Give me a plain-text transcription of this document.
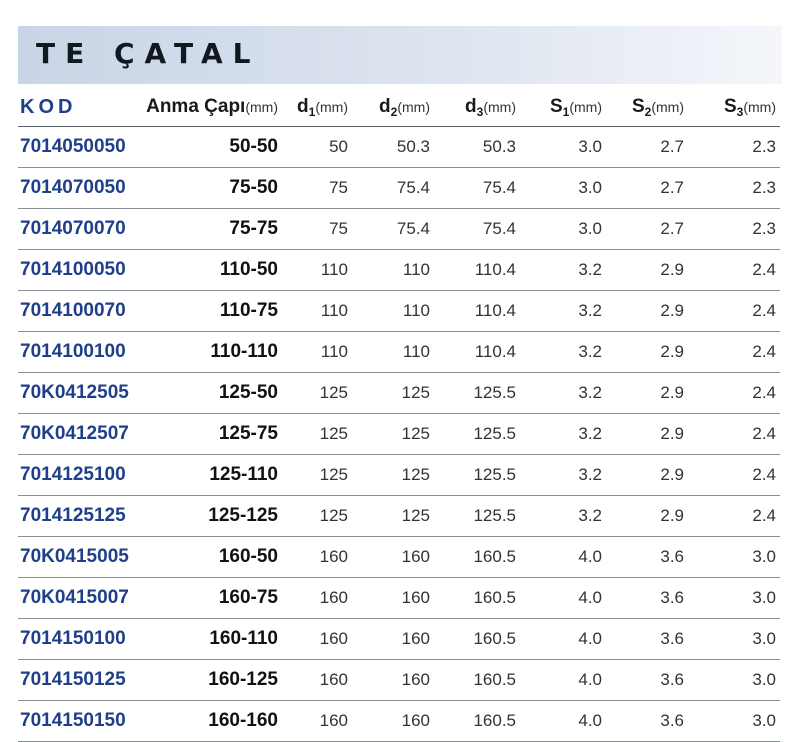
TE ÇATAL
KOD	Anma Çapı(mm)	$d_1(mm)$	$d_2(mm)$	$d_3(mm)$	$S_1(mm)$	$S_2(mm)$	$S_3(mm)$
7014050050	50-50	50	50.3	50.3	3.0	2.7	2.3
7014070050	75-50	75	75.4	75.4	3.0	2.7	2.3
7014070070	75-75	75	75.4	75.4	3.0	2.7	2.3
7014100050	110-50	110	110	110.4	3.2	2.9	2.4
7014100070	110-75	110	110	110.4	3.2	2.9	2.4
7014100100	110-110	110	110	110.4	3.2	2.9	2.4
70K0412505	125-50	125	125	125.5	3.2	2.9	2.4
70K0412507	125-75	125	125	125.5	3.2	2.9	2.4
7014125100	125-110	125	125	125.5	3.2	2.9	2.4
7014125125	125-125	125	125	125.5	3.2	2.9	2.4
70K0415005	160-50	160	160	160.5	4.0	3.6	3.0
70K0415007	160-75	160	160	160.5	4.0	3.6	3.0
7014150100	160-110	160	160	160.5	4.0	3.6	3.0
7014150125	160-125	160	160	160.5	4.0	3.6	3.0
7014150150	160-160	160	160	160.5	4.0	3.6	3.0
